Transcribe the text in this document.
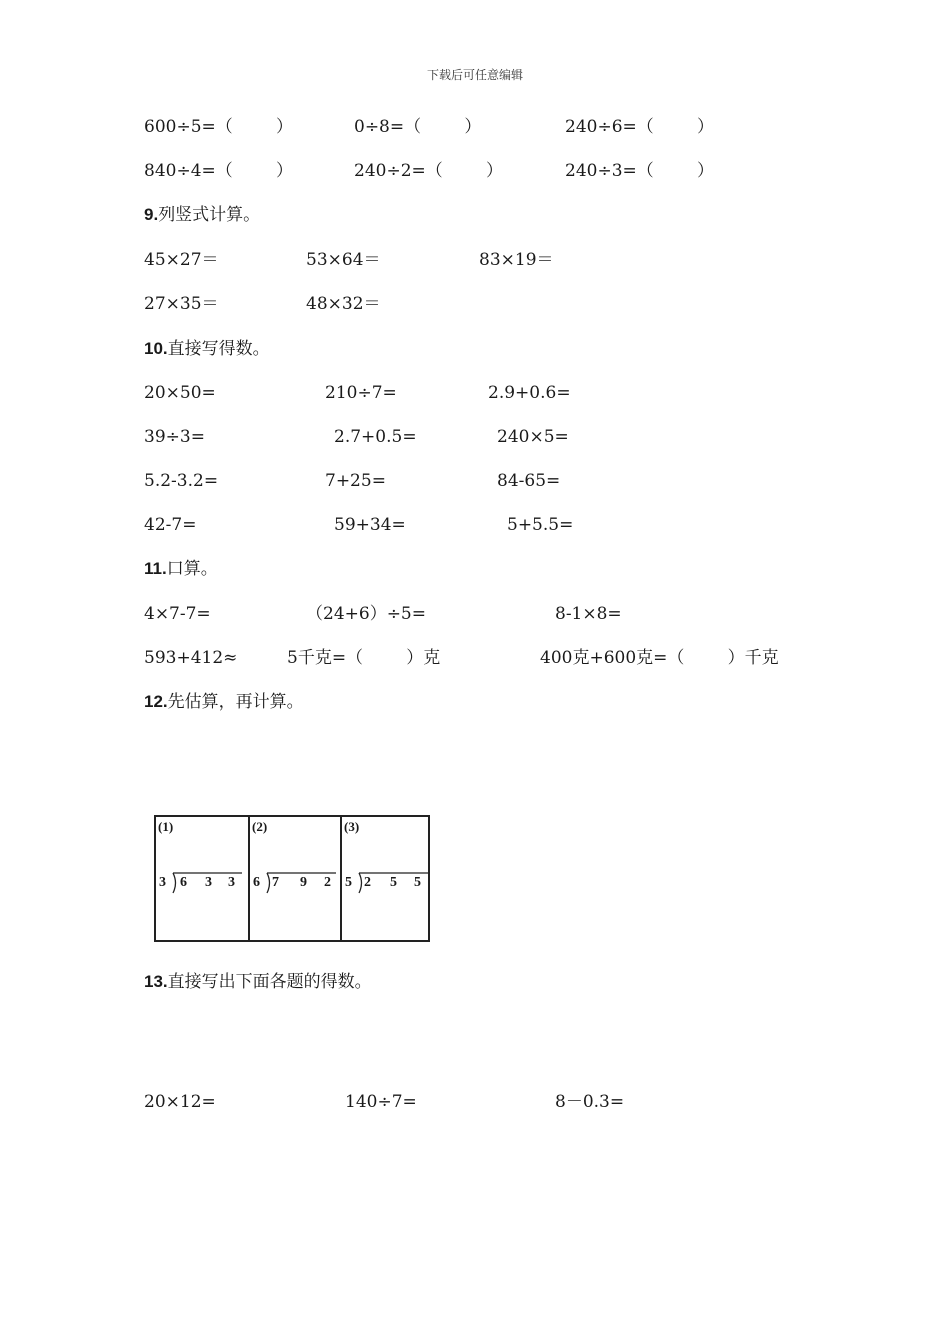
下载后可任意编辑
600÷5=（        ）	0÷8=（        ）	240÷6=（        ）
840÷4=（        ）	240÷2=（        ）	240÷3=（        ）
9.列竖式计算。
45×27＝	53×64＝	83×19＝
27×35＝	48×32＝
10.直接写得数。
20×50=	210÷7=	2.9+0.6=
39÷3=	2.7+0.5=	240×5=
5.2-3.2=	7+25=	84-65=
42-7=	59+34=	5+5.5=
11.口算。
4×7-7=	（24+6）÷5=	8-1×8=
593+412≈	5千克=（        ）克	400克+600克=（        ）千克
12.先估算，再计算。
(1)
3 6 3 3
(2)
6 7 9 2
(3)
5 2 5 5
13.直接写出下面各题的得数。
20×12=	140÷7=	8－0.3=
